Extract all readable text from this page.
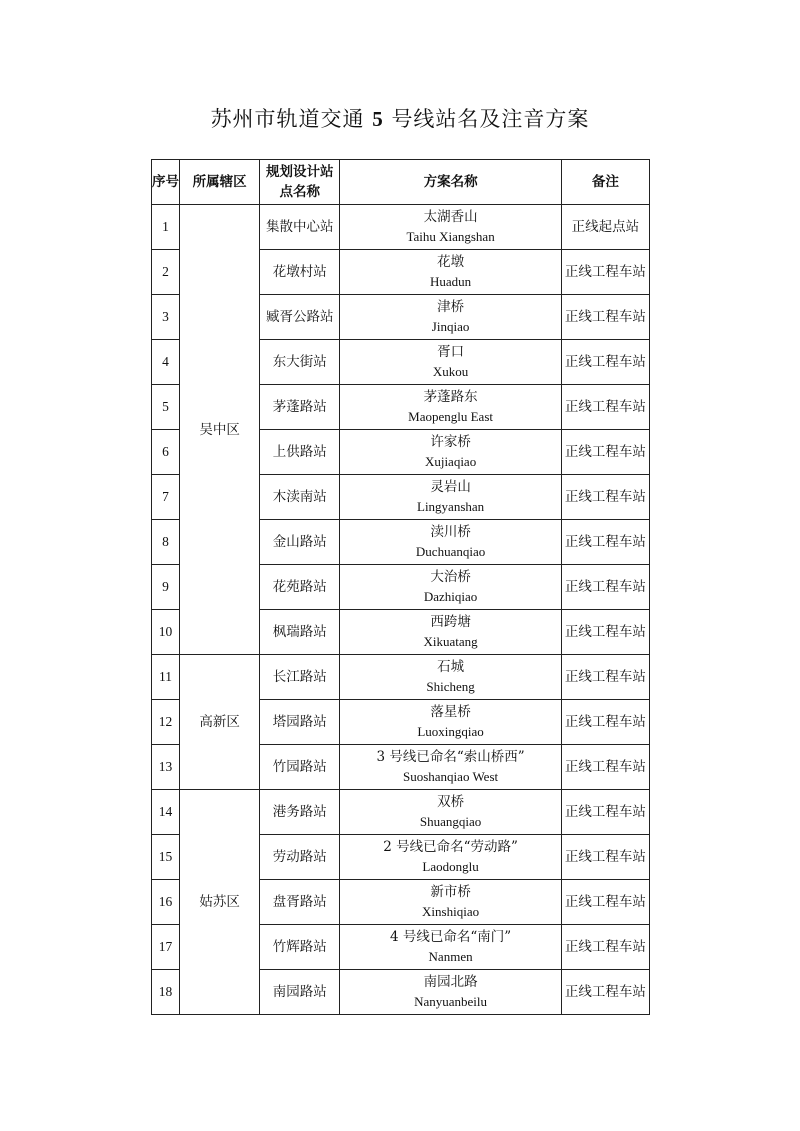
苏州市轨道交通 5 号线站名及注音方案
序号	所属辖区	规划设计站点名称	方案名称	备注
1	吴中区	集散中心站	太湖香山
Taihu Xiangshan	正线起点站
2		花墩村站	花墩
Huadun	正线工程车站
3		臧胥公路站	津桥
Jinqiao	正线工程车站
4		东大街站	胥口
Xukou	正线工程车站
5		茅蓬路站	茅蓬路东
Maopenglu East	正线工程车站
6		上供路站	许家桥
Xujiaqiao	正线工程车站
7		木渎南站	灵岩山
Lingyanshan	正线工程车站
8		金山路站	渎川桥
Duchuanqiao	正线工程车站
9		花苑路站	大治桥
Dazhiqiao	正线工程车站
10		枫瑞路站	西跨塘
Xikuatang	正线工程车站
11	高新区	长江路站	石城
Shicheng	正线工程车站
12		塔园路站	落星桥
Luoxingqiao	正线工程车站
13		竹园路站	3 号线已命名“索山桥西”
Suoshanqiao West	正线工程车站
14	姑苏区	港务路站	双桥
Shuangqiao	正线工程车站
15		劳动路站	2 号线已命名“劳动路”
Laodonglu	正线工程车站
16		盘胥路站	新市桥
Xinshiqiao	正线工程车站
17		竹辉路站	4 号线已命名“南门”
Nanmen	正线工程车站
18		南园路站	南园北路
Nanyuanbeilu	正线工程车站
